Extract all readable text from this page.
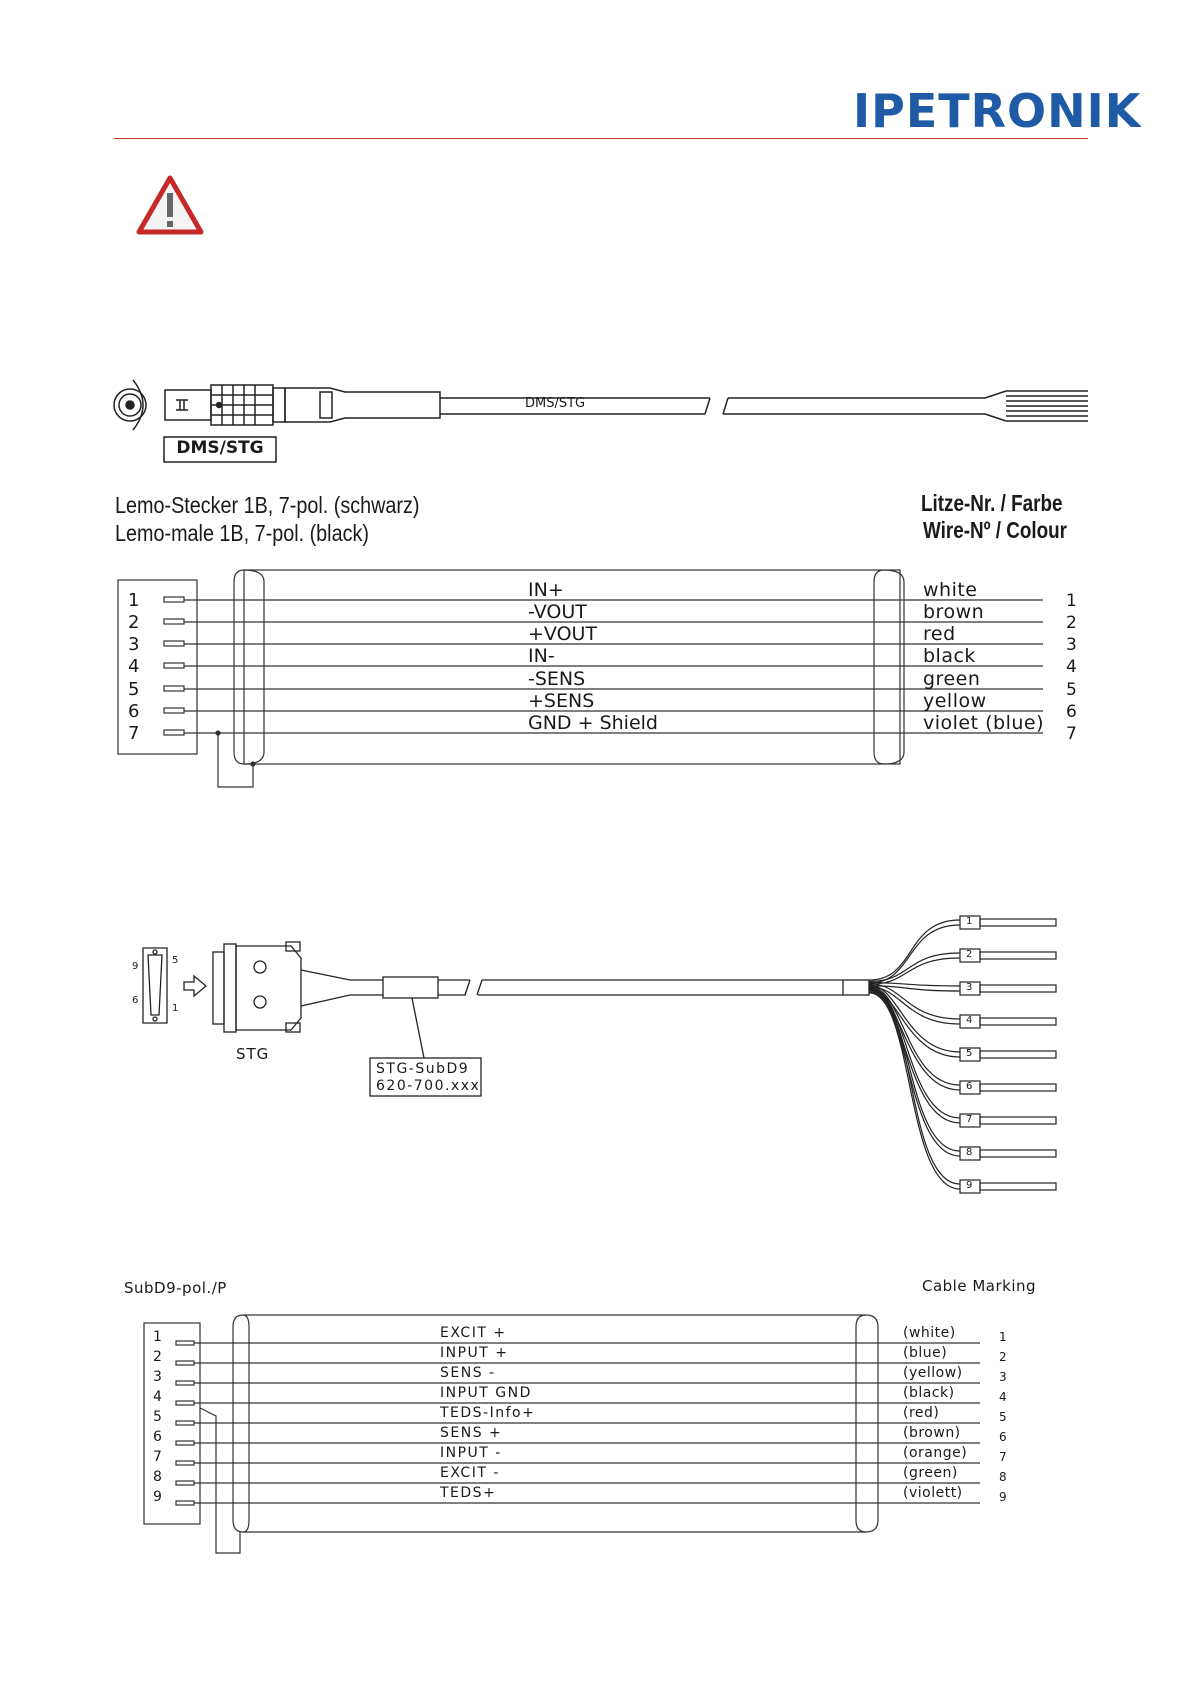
IPETRONIK
DMS/STG
DMS/STG
Lemo-Stecker 1B, 7-pol. (schwarz)
Lemo-male 1B, 7-pol. (black)
Litze-Nr. / Farbe
Wire-Nº / Colour
1	IN+	white	1
2	-VOUT	brown	2
3	+VOUT	red	3
4	IN-	black	4
5	-SENS	green	5
6	+SENS	yellow	6
7	GND + Shield	violet (blue) 7
9
6
5
1
STG
STG-SubD9
620-700.xxx
1
2
3
4
5
6
7
8
9
SubD9-pol./P	Cable Marking
1	EXCIT +	(white)	1
2	INPUT +	(blue)	2
3	SENS -	(yellow)	3
4	INPUT GND	(black)	4
5	TEDS-Info+	(red)	5
6	SENS +	(brown)	6
7	INPUT -	(orange)	7
8	EXCIT -	(green)	8
9	TEDS+	(violett)	9
